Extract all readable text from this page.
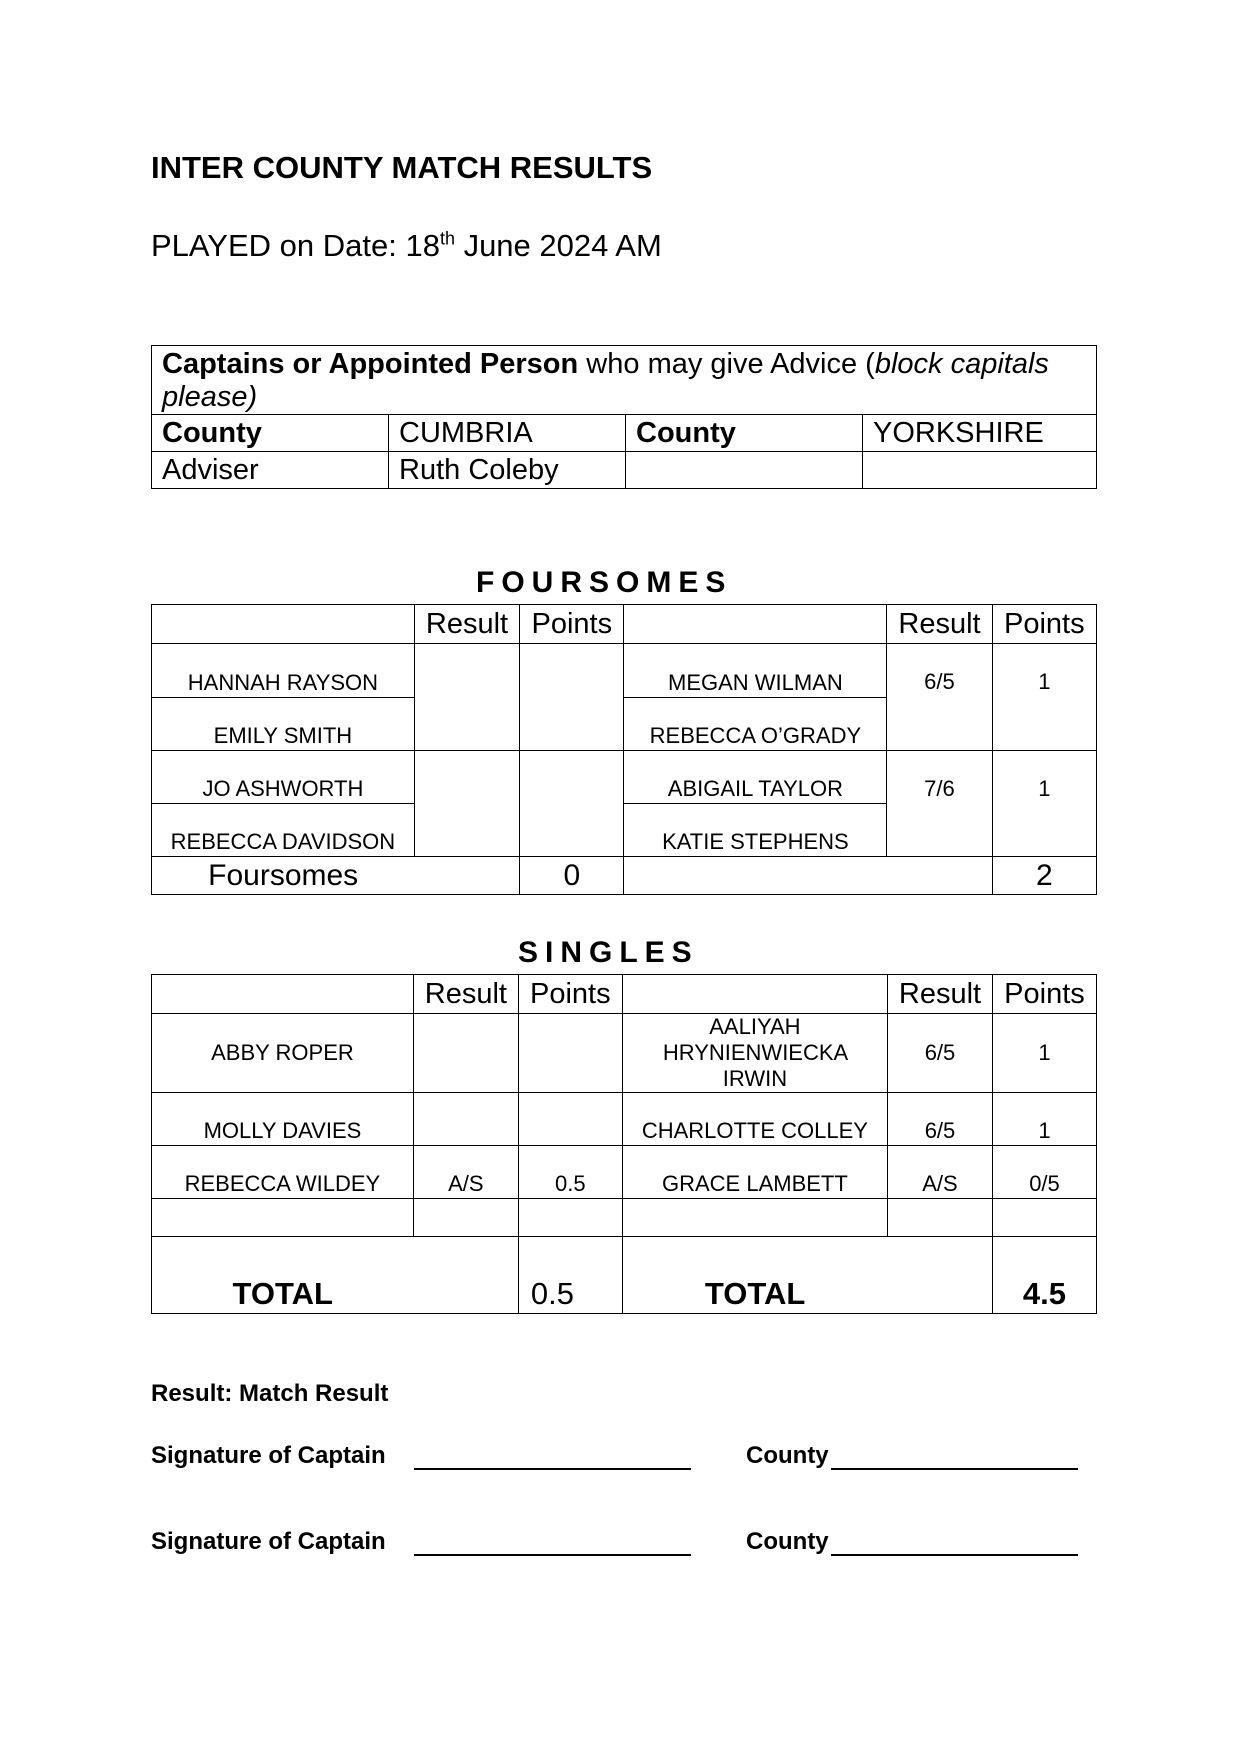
INTER COUNTY MATCH RESULTS
PLAYED on Date: 18th June 2024 AM
Captains or Appointed Person who may give Advice (block capitals please)			
County	CUMBRIA	County	YORKSHIRE
Adviser	Ruth Coleby		
FOURSOMES
	Result	Points		Result	Points
HANNAH RAYSON			MEGAN WILMAN	6/5	1
EMILY SMITH			REBECCA O’GRADY		
JO ASHWORTH			ABIGAIL TAYLOR	7/6	1
REBECCA DAVIDSON			KATIE STEPHENS		
Foursomes		0			2
SINGLES
	Result	Points		Result	Points
ABBY ROPER			AALIYAH HRYNIENWIECKA IRWIN	6/5	1
MOLLY DAVIES			CHARLOTTE COLLEY	6/5	1
REBECCA WILDEY	A/S	0.5	GRACE LAMBETT	A/S	0/5

TOTAL		0.5	TOTAL		4.5
Result: Match Result
Signature of Captain	County
Signature of Captain	County
